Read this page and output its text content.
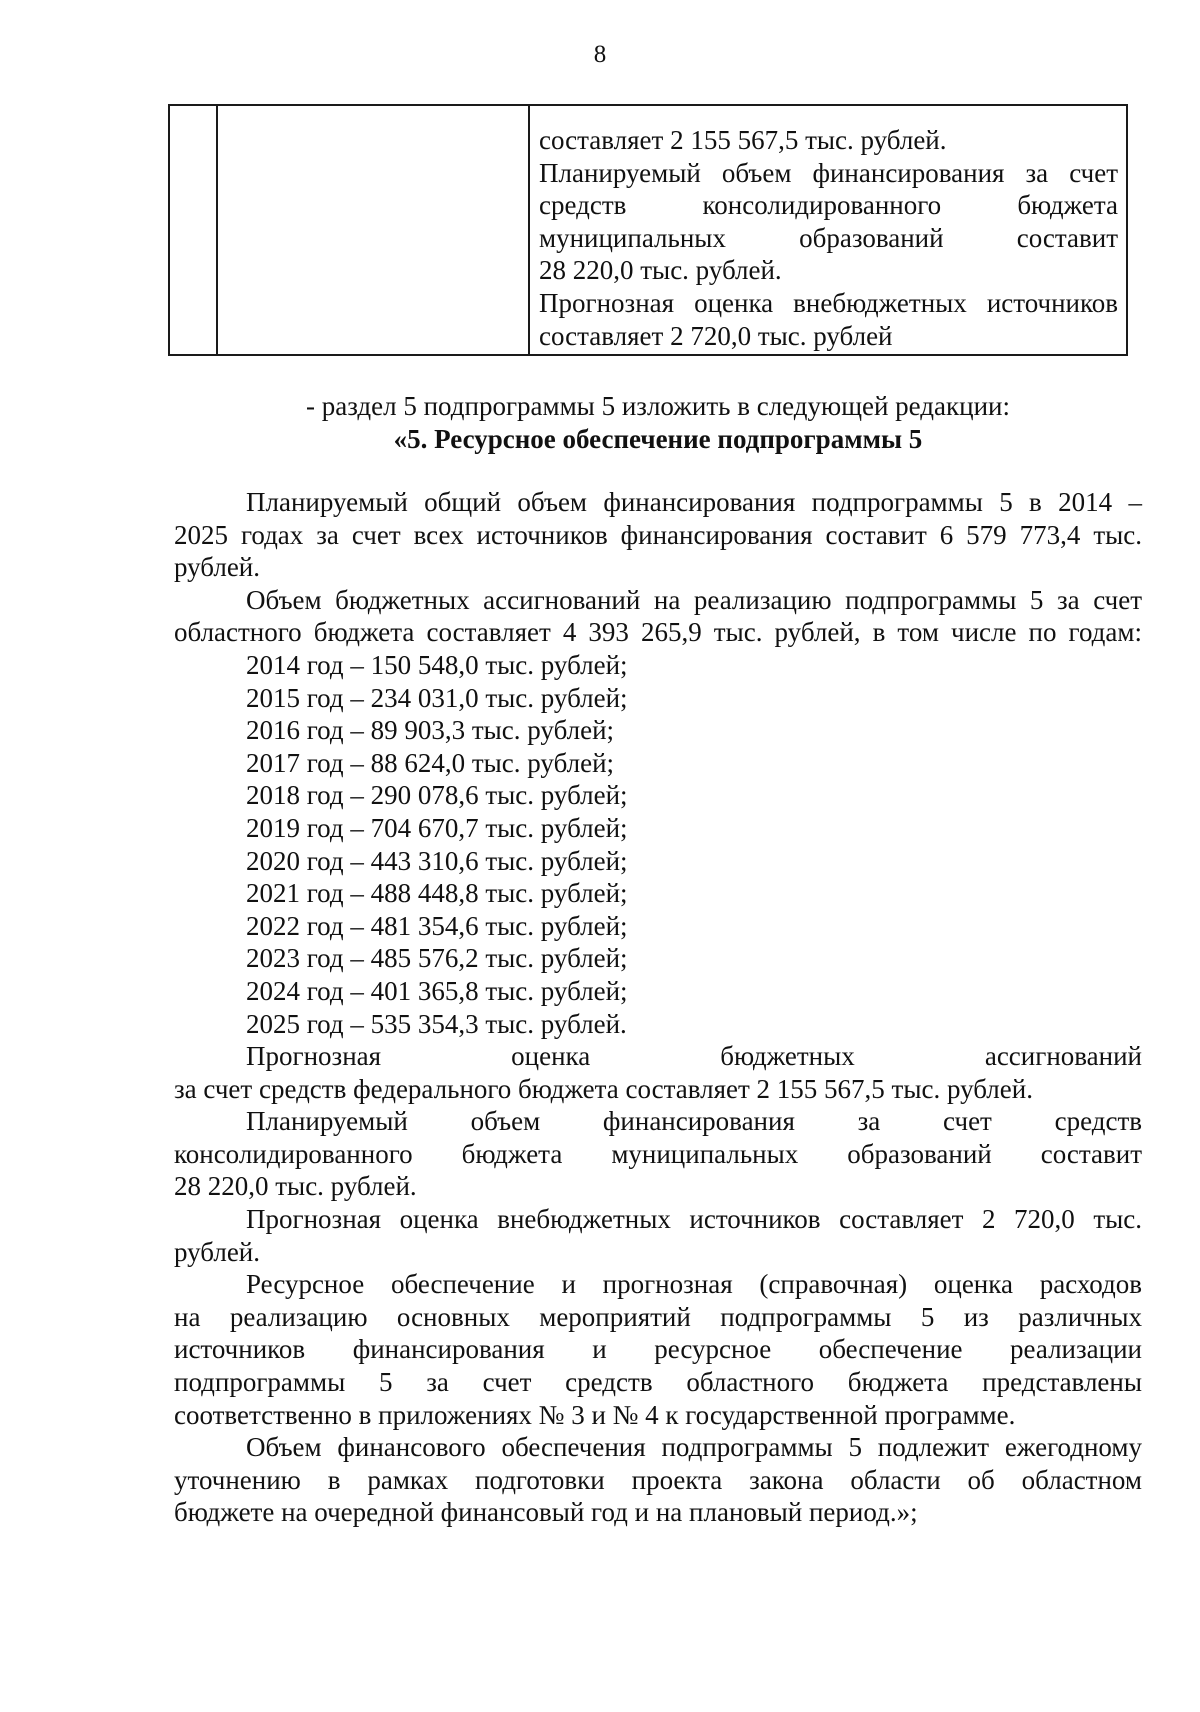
8

составляет 2 155 567,5 тыс. рублей.

Планируемый объем финансирования за счет

средств консолидированного бюджета

муниципальных образований составит

28 220,0 тыс. рублей.

Прогнозная оценка внебюджетных источников

составляет 2 720,0 тыс. рублей

- раздел 5 подпрограммы 5 изложить в следующей редакции:

«5. Ресурсное обеспечение подпрограммы 5

Планируемый общий объем финансирования подпрограммы 5 в 2014 –

2025 годах за счет всех источников финансирования составит 6 579 773,4 тыс.

рублей.

Объем бюджетных ассигнований на реализацию подпрограммы 5 за счет

областного бюджета составляет 4 393 265,9 тыс. рублей, в том числе по годам:

2014 год – 150 548,0 тыс. рублей;
2015 год – 234 031,0 тыс. рублей;
2016 год – 89 903,3 тыс. рублей;
2017 год – 88 624,0 тыс. рублей;
2018 год – 290 078,6 тыс. рублей;
2019 год – 704 670,7 тыс. рублей;
2020 год – 443 310,6 тыс. рублей;
2021 год – 488 448,8 тыс. рублей;
2022 год – 481 354,6 тыс. рублей;
2023 год – 485 576,2 тыс. рублей;
2024 год – 401 365,8 тыс. рублей;
2025 год – 535 354,3 тыс. рублей.

Прогнозная оценка бюджетных ассигнований

за счет средств федерального бюджета составляет 2 155 567,5 тыс. рублей.

Планируемый объем финансирования за счет средств

консолидированного бюджета муниципальных образований составит

28 220,0 тыс. рублей.

Прогнозная оценка внебюджетных источников составляет 2 720,0 тыс.

рублей.

Ресурсное обеспечение и прогнозная (справочная) оценка расходов

на реализацию основных мероприятий подпрограммы 5 из различных

источников финансирования и ресурсное обеспечение реализации

подпрограммы 5 за счет средств областного бюджета представлены

соответственно в приложениях № 3 и № 4 к государственной программе.

Объем финансового обеспечения подпрограммы 5 подлежит ежегодному

уточнению в рамках подготовки проекта закона области об областном

бюджете на очередной финансовый год и на плановый период.»;
